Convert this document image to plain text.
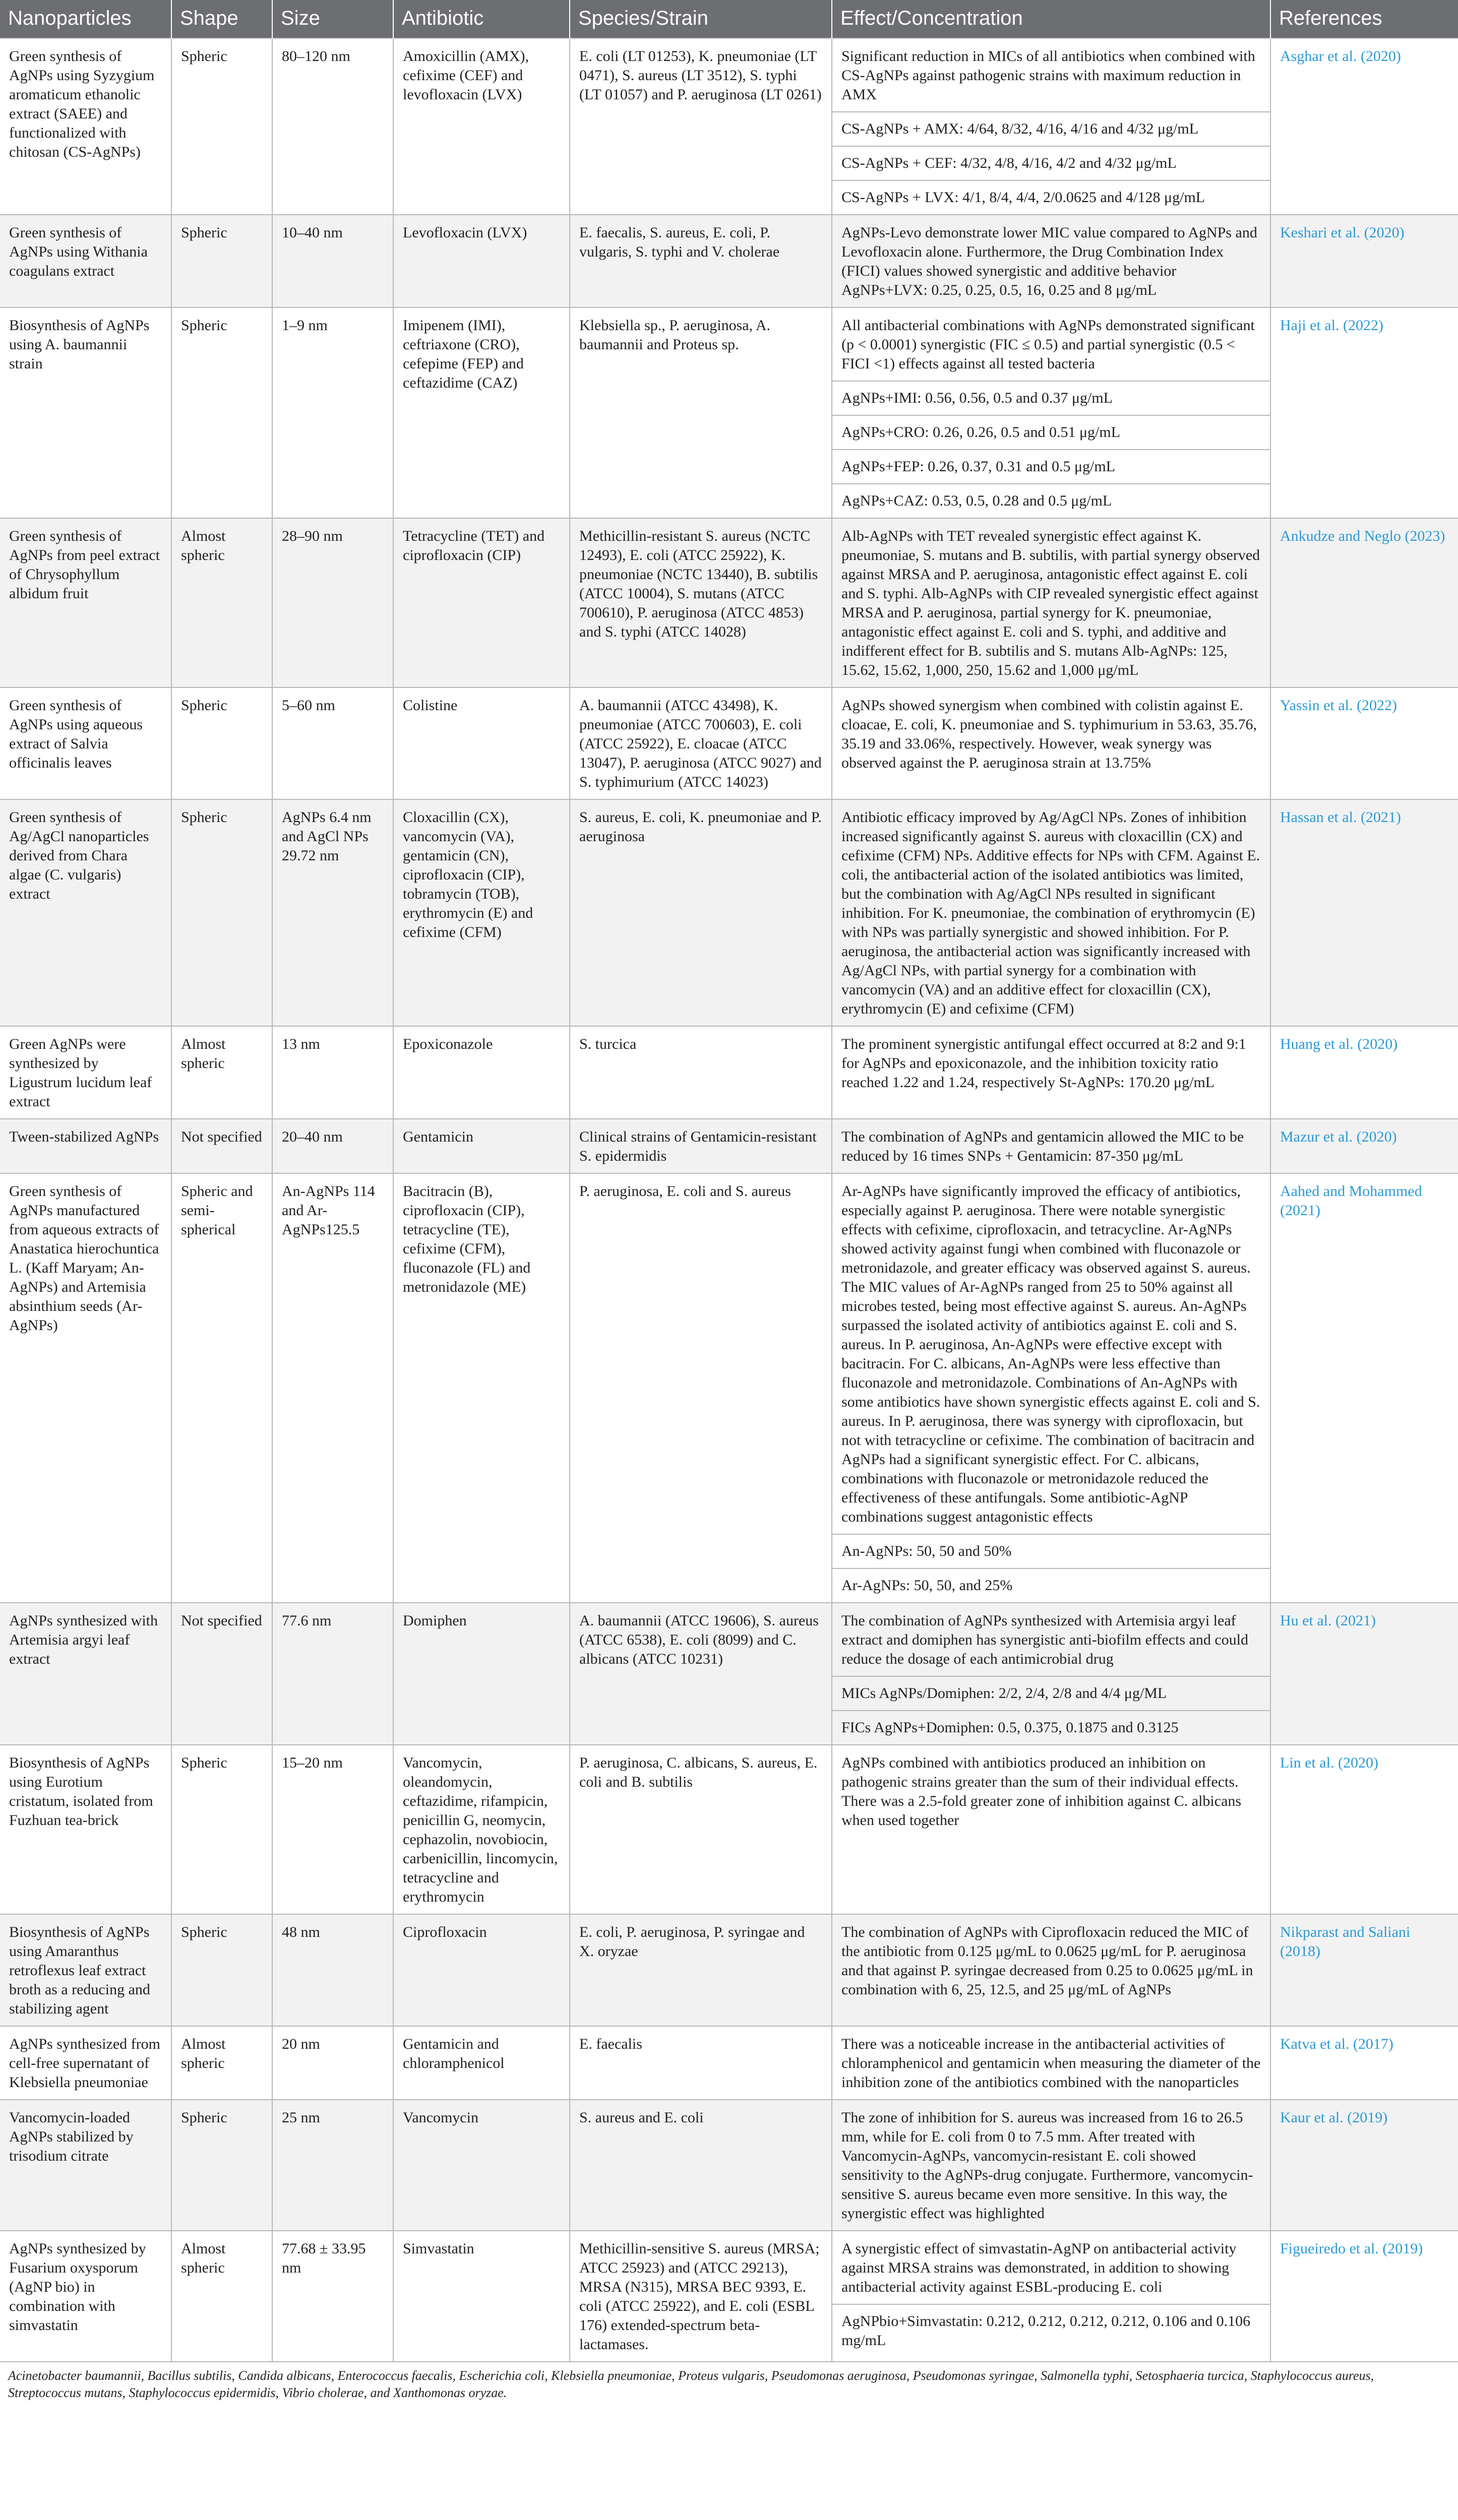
Nanoparticles	Shape	Size	Antibiotic	Species/Strain	Effect/Concentration	References
Green synthesis of AgNPs using Syzygium aromaticum ethanolic extract (SAEE) and functionalized with chitosan (CS-AgNPs)	Spheric	80–120 nm	Amoxicillin (AMX), cefixime (CEF) and levofloxacin (LVX)	E. coli (LT 01253), K. pneumoniae (LT 0471), S. aureus (LT 3512), S. typhi (LT 01057) and P. aeruginosa (LT 0261)	Significant reduction in MICs of all antibiotics when combined with CS-AgNPs against pathogenic strains with maximum reduction in AMX
CS-AgNPs + AMX: 4/64, 8/32, 4/16, 4/16 and 4/32 μg/mL
CS-AgNPs + CEF: 4/32, 4/8, 4/16, 4/2 and 4/32 μg/mL
CS-AgNPs + LVX: 4/1, 8/4, 4/4, 2/0.0625 and 4/128 μg/mL	Asghar et al. (2020)
Green synthesis of AgNPs using Withania coagulans extract	Spheric	10–40 nm	Levofloxacin (LVX)	E. faecalis, S. aureus, E. coli, P. vulgaris, S. typhi and V. cholerae	AgNPs-Levo demonstrate lower MIC value compared to AgNPs and Levofloxacin alone. Furthermore, the Drug Combination Index (FICI) values showed synergistic and additive behavior AgNPs+LVX: 0.25, 0.25, 0.5, 16, 0.25 and 8 μg/mL	Keshari et al. (2020)
Biosynthesis of AgNPs using A. baumannii strain	Spheric	1–9 nm	Imipenem (IMI), ceftriaxone (CRO), cefepime (FEP) and ceftazidime (CAZ)	Klebsiella sp., P. aeruginosa, A. baumannii and Proteus sp.	All antibacterial combinations with AgNPs demonstrated significant (p < 0.0001) synergistic (FIC ≤ 0.5) and partial synergistic (0.5 < FICI <1) effects against all tested bacteria
AgNPs+IMI: 0.56, 0.56, 0.5 and 0.37 μg/mL
AgNPs+CRO: 0.26, 0.26, 0.5 and 0.51 μg/mL
AgNPs+FEP: 0.26, 0.37, 0.31 and 0.5 μg/mL
AgNPs+CAZ: 0.53, 0.5, 0.28 and 0.5 μg/mL	Haji et al. (2022)
Green synthesis of AgNPs from peel extract of Chrysophyllum albidum fruit	Almost spheric	28–90 nm	Tetracycline (TET) and ciprofloxacin (CIP)	Methicillin-resistant S. aureus (NCTC 12493), E. coli (ATCC 25922), K. pneumoniae (NCTC 13440), B. subtilis (ATCC 10004), S. mutans (ATCC 700610), P. aeruginosa (ATCC 4853) and S. typhi (ATCC 14028)	Alb-AgNPs with TET revealed synergistic effect against K. pneumoniae, S. mutans and B. subtilis, with partial synergy observed against MRSA and P. aeruginosa, antagonistic effect against E. coli and S. typhi. Alb-AgNPs with CIP revealed synergistic effect against MRSA and P. aeruginosa, partial synergy for K. pneumoniae, antagonistic effect against E. coli and S. typhi, and additive and indifferent effect for B. subtilis and S. mutans Alb-AgNPs: 125, 15.62, 15.62, 1,000, 250, 15.62 and 1,000 μg/mL	Ankudze and Neglo (2023)
Green synthesis of AgNPs using aqueous extract of Salvia officinalis leaves	Spheric	5–60 nm	Colistine	A. baumannii (ATCC 43498), K. pneumoniae (ATCC 700603), E. coli (ATCC 25922), E. cloacae (ATCC 13047), P. aeruginosa (ATCC 9027) and S. typhimurium (ATCC 14023)	AgNPs showed synergism when combined with colistin against E. cloacae, E. coli, K. pneumoniae and S. typhimurium in 53.63, 35.76, 35.19 and 33.06%, respectively. However, weak synergy was observed against the P. aeruginosa strain at 13.75%	Yassin et al. (2022)
Green synthesis of Ag/AgCl nanoparticles derived from Chara algae (C. vulgaris) extract	Spheric	AgNPs 6.4 nm and AgCl NPs 29.72 nm	Cloxacillin (CX), vancomycin (VA), gentamicin (CN), ciprofloxacin (CIP), tobramycin (TOB), erythromycin (E) and cefixime (CFM)	S. aureus, E. coli, K. pneumoniae and P. aeruginosa	Antibiotic efficacy improved by Ag/AgCl NPs. Zones of inhibition increased significantly against S. aureus with cloxacillin (CX) and cefixime (CFM) NPs. Additive effects for NPs with CFM. Against E. coli, the antibacterial action of the isolated antibiotics was limited, but the combination with Ag/AgCl NPs resulted in significant inhibition. For K. pneumoniae, the combination of erythromycin (E) with NPs was partially synergistic and showed inhibition. For P. aeruginosa, the antibacterial action was significantly increased with Ag/AgCl NPs, with partial synergy for a combination with vancomycin (VA) and an additive effect for cloxacillin (CX), erythromycin (E) and cefixime (CFM)	Hassan et al. (2021)
Green AgNPs were synthesized by Ligustrum lucidum leaf extract	Almost spheric	13 nm	Epoxiconazole	S. turcica	The prominent synergistic antifungal effect occurred at 8:2 and 9:1 for AgNPs and epoxiconazole, and the inhibition toxicity ratio reached 1.22 and 1.24, respectively St-AgNPs: 170.20 μg/mL	Huang et al. (2020)
Tween-stabilized AgNPs	Not specified	20–40 nm	Gentamicin	Clinical strains of Gentamicin-resistant S. epidermidis	The combination of AgNPs and gentamicin allowed the MIC to be reduced by 16 times SNPs + Gentamicin: 87-350 μg/mL	Mazur et al. (2020)
Green synthesis of AgNPs manufactured from aqueous extracts of Anastatica hierochuntica L. (Kaff Maryam; An-AgNPs) and Artemisia absinthium seeds (Ar-AgNPs)	Spheric and semi-spherical	An-AgNPs 114 and Ar-AgNPs125.5	Bacitracin (B), ciprofloxacin (CIP), tetracycline (TE), cefixime (CFM), fluconazole (FL) and metronidazole (ME)	P. aeruginosa, E. coli and S. aureus	Ar-AgNPs have significantly improved the efficacy of antibiotics, especially against P. aeruginosa. There were notable synergistic effects with cefixime, ciprofloxacin, and tetracycline. Ar-AgNPs showed activity against fungi when combined with fluconazole or metronidazole, and greater efficacy was observed against S. aureus. The MIC values of Ar-AgNPs ranged from 25 to 50% against all microbes tested, being most effective against S. aureus. An-AgNPs surpassed the isolated activity of antibiotics against E. coli and S. aureus. In P. aeruginosa, An-AgNPs were effective except with bacitracin. For C. albicans, An-AgNPs were less effective than fluconazole and metronidazole. Combinations of An-AgNPs with some antibiotics have shown synergistic effects against E. coli and S. aureus. In P. aeruginosa, there was synergy with ciprofloxacin, but not with tetracycline or cefixime. The combination of bacitracin and AgNPs had a significant synergistic effect. For C. albicans, combinations with fluconazole or metronidazole reduced the effectiveness of these antifungals. Some antibiotic-AgNP combinations suggest antagonistic effects
An-AgNPs: 50, 50 and 50%
Ar-AgNPs: 50, 50, and 25%	Aahed and Mohammed (2021)
AgNPs synthesized with Artemisia argyi leaf extract	Not specified	77.6 nm	Domiphen	A. baumannii (ATCC 19606), S. aureus (ATCC 6538), E. coli (8099) and C. albicans (ATCC 10231)	The combination of AgNPs synthesized with Artemisia argyi leaf extract and domiphen has synergistic anti-biofilm effects and could reduce the dosage of each antimicrobial drug
MICs AgNPs/Domiphen: 2/2, 2/4, 2/8 and 4/4 μg/ML
FICs AgNPs+Domiphen: 0.5, 0.375, 0.1875 and 0.3125	Hu et al. (2021)
Biosynthesis of AgNPs using Eurotium cristatum, isolated from Fuzhuan tea-brick	Spheric	15–20 nm	Vancomycin, oleandomycin, ceftazidime, rifampicin, penicillin G, neomycin, cephazolin, novobiocin, carbenicillin, lincomycin, tetracycline and erythromycin	P. aeruginosa, C. albicans, S. aureus, E. coli and B. subtilis	AgNPs combined with antibiotics produced an inhibition on pathogenic strains greater than the sum of their individual effects. There was a 2.5-fold greater zone of inhibition against C. albicans when used together	Lin et al. (2020)
Biosynthesis of AgNPs using Amaranthus retroflexus leaf extract broth as a reducing and stabilizing agent	Spheric	48 nm	Ciprofloxacin	E. coli, P. aeruginosa, P. syringae and X. oryzae	The combination of AgNPs with Ciprofloxacin reduced the MIC of the antibiotic from 0.125 μg/mL to 0.0625 μg/mL for P. aeruginosa and that against P. syringae decreased from 0.25 to 0.0625 μg/mL in combination with 6, 25, 12.5, and 25 μg/mL of AgNPs	Nikparast and Saliani (2018)
AgNPs synthesized from cell-free supernatant of Klebsiella pneumoniae	Almost spheric	20 nm	Gentamicin and chloramphenicol	E. faecalis	There was a noticeable increase in the antibacterial activities of chloramphenicol and gentamicin when measuring the diameter of the inhibition zone of the antibiotics combined with the nanoparticles	Katva et al. (2017)
Vancomycin-loaded AgNPs stabilized by trisodium citrate	Spheric	25 nm	Vancomycin	S. aureus and E. coli	The zone of inhibition for S. aureus was increased from 16 to 26.5 mm, while for E. coli from 0 to 7.5 mm. After treated with Vancomycin-AgNPs, vancomycin-resistant E. coli showed sensitivity to the AgNPs-drug conjugate. Furthermore, vancomycin-sensitive S. aureus became even more sensitive. In this way, the synergistic effect was highlighted	Kaur et al. (2019)
AgNPs synthesized by Fusarium oxysporum (AgNP bio) in combination with simvastatin	Almost spheric	77.68 ± 33.95 nm	Simvastatin	Methicillin-sensitive S. aureus (MRSA; ATCC 25923) and (ATCC 29213), MRSA (N315), MRSA BEC 9393, E. coli (ATCC 25922), and E. coli (ESBL 176) extended-spectrum beta-lactamases.	A synergistic effect of simvastatin-AgNP on antibacterial activity against MRSA strains was demonstrated, in addition to showing antibacterial activity against ESBL-producing E. coli
AgNPbio+Simvastatin: 0.212, 0.212, 0.212, 0.212, 0.106 and 0.106 mg/mL	Figueiredo et al. (2019)
Acinetobacter baumannii, Bacillus subtilis, Candida albicans, Enterococcus faecalis, Escherichia coli, Klebsiella pneumoniae, Proteus vulgaris, Pseudomonas aeruginosa, Pseudomonas syringae, Salmonella typhi, Setosphaeria turcica, Staphylococcus aureus, Streptococcus mutans, Staphylococcus epidermidis, Vibrio cholerae, and Xanthomonas oryzae.
